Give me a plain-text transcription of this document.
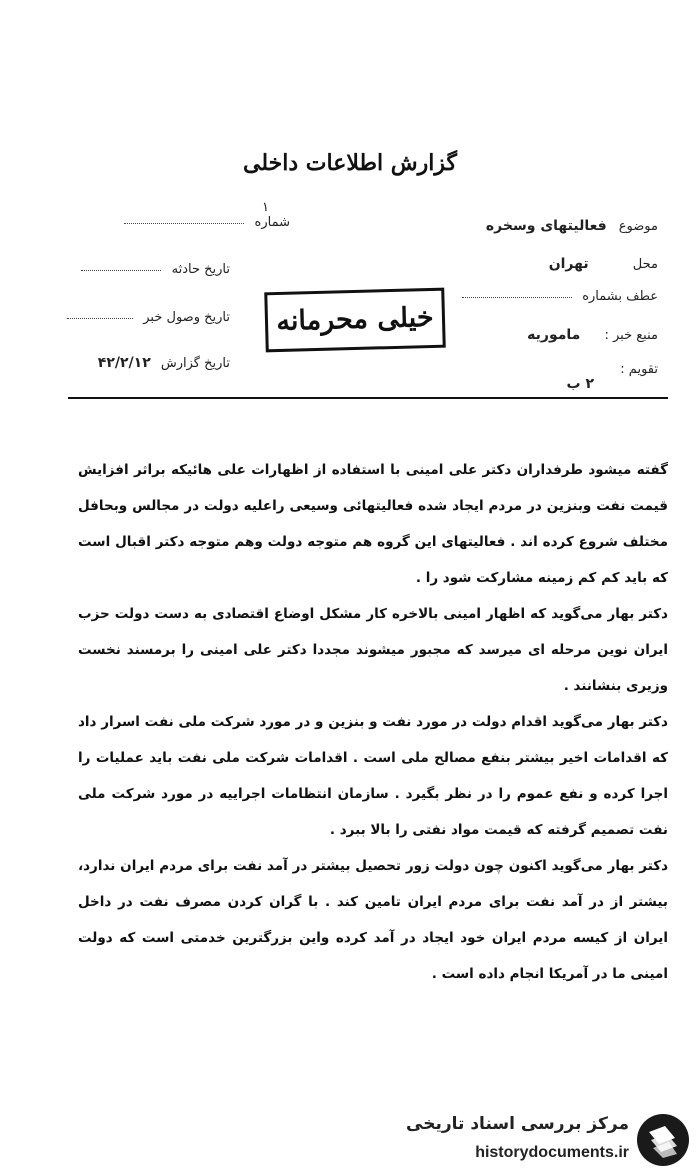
گزارش اطلاعات داخلی
موضوع فعالیتهای وسخره
محل تهران
عطف بشماره
منبع خبر : ماموریه
تقویم :
۲ ب
شماره
۱
تاریخ حادثه
تاریخ وصول خبر
تاریخ گزارش ۴۲/۲/۱۲
خیلی محرمانه

گفته میشود طرفداران دکتر علی امینی با استفاده از اظهارات علی هائیکه براثر افزایش قیمت نفت وبنزین در مردم ایجاد شده فعالیتهائی وسیعی راعلیه دولت در مجالس وبحافل مختلف شروع کرده اند . فعالیتهای این گروه هم متوجه دولت وهم متوجه دکتر اقبال است که باید کم کم زمینه مشارکت شود را .

دکتر بهار می‌گوید که اظهار امینی بالاخره کار مشکل اوضاع اقتصادی به دست دولت حزب ایران نوین مرحله ای میرسد که مجبور میشوند مجددا دکتر علی امینی را برمسند نخست وزیری بنشانند .

دکتر بهار می‌گوید اقدام دولت در مورد نفت و بنزین و در مورد شرکت ملی نفت اسرار داد که اقدامات اخیر بیشتر بنفع مصالح ملی است . اقدامات شرکت ملی نفت باید عملیات را اجرا کرده و نفع عموم را در نظر بگیرد . سازمان انتظامات اجراییه در مورد شرکت ملی نفت تصمیم گرفته که قیمت مواد نفتی را بالا ببرد .

دکتر بهار می‌گوید اکنون چون دولت زور تحصیل بیشتر در آمد نفت برای مردم ایران ندارد، بیشتر از در آمد نفت برای مردم ایران تامین کند . با گران کردن مصرف نفت در داخل ایران از کیسه مردم ایران خود ایجاد در آمد کرده واین بزرگترین خدمتی است که دولت امینی ما در آمریکا انجام داده است .

مرکز بررسی اسناد تاریخی
historydocuments.ir
